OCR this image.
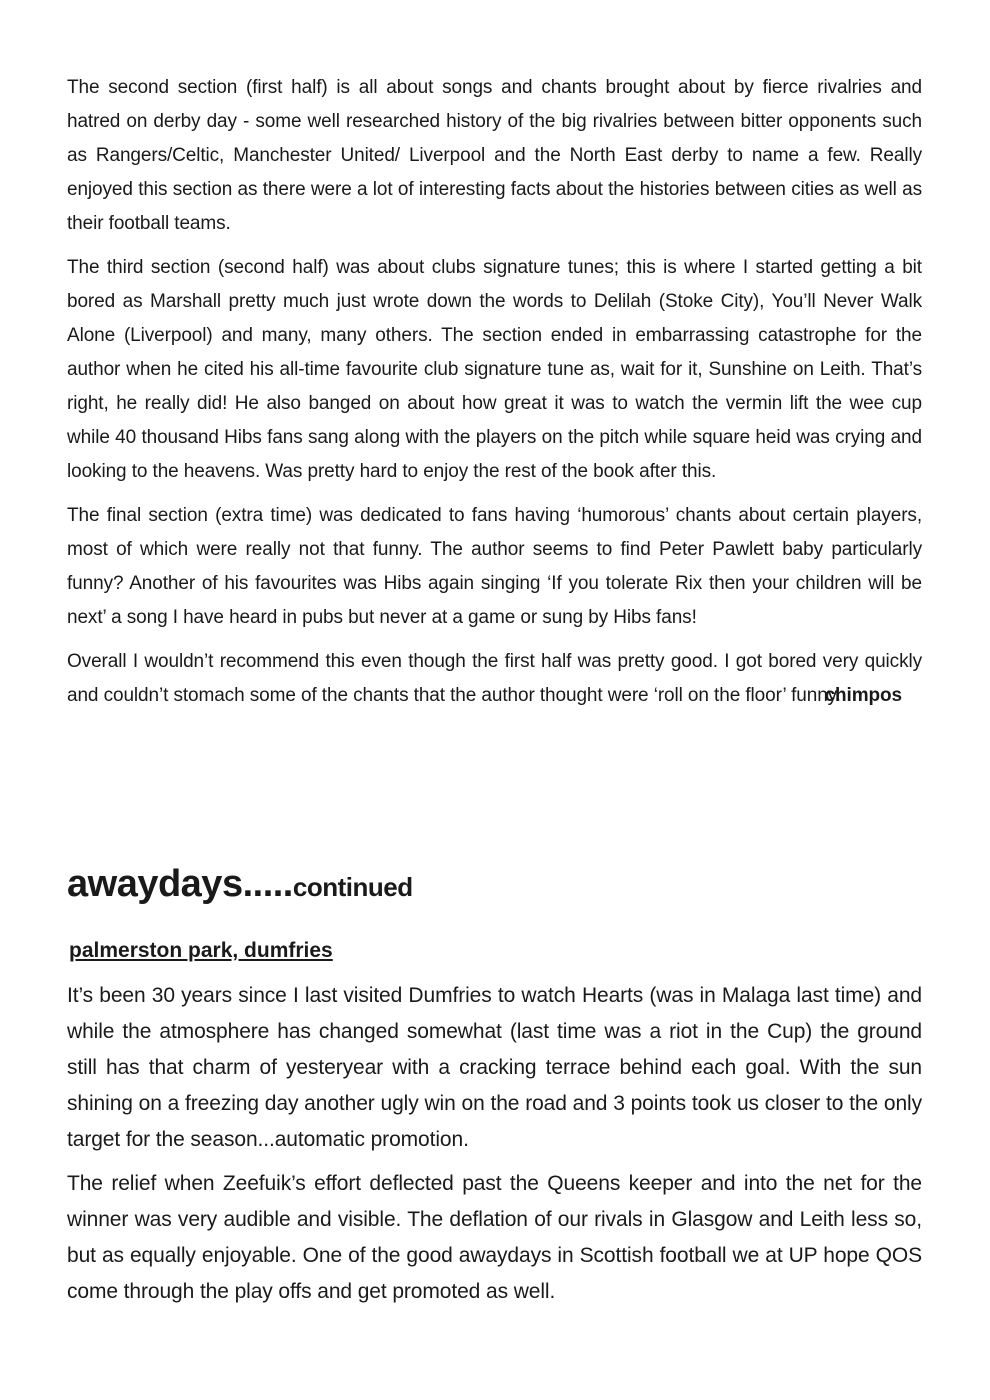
The second section (first half) is all about songs and chants brought about by fierce rivalries and hatred on derby day - some well researched history of the big rivalries between bitter opponents such as Rangers/Celtic, Manchester United/ Liverpool and the North East derby to name a few. Really enjoyed this section as there were a lot of interesting facts about the histories between cities as well as their football teams.

The third section (second half) was about clubs signature tunes; this is where I started getting a bit bored as Marshall pretty much just wrote down the words to Delilah (Stoke City), You’ll Never Walk Alone (Liverpool) and many, many others. The section ended in embarrassing catastrophe for the author when he cited his all-time favourite club signature tune as, wait for it, Sunshine on Leith. That’s right, he really did! He also banged on about how great it was to watch the vermin lift the wee cup while 40 thousand Hibs fans sang along with the players on the pitch while square heid was crying and looking to the heavens. Was pretty hard to enjoy the rest of the book after this.

The final section (extra time) was dedicated to fans having ‘humorous’ chants about certain players, most of which were really not that funny. The author seems to find Peter Pawlett baby particularly funny? Another of his favourites was Hibs again singing ‘If you tolerate Rix then your children will be next’ a song I have heard in pubs but never at a game or sung by Hibs fans!

Overall I wouldn’t recommend this even though the first half was pretty good. I got bored very quickly and couldn’t stomach some of the chants that the author thought were ‘roll on the floor’ funny.
chimpos

awaydays.....continued
palmerston park, dumfries

It’s been 30 years since I last visited Dumfries to watch Hearts (was in Malaga last time) and while the atmosphere has changed somewhat (last time was a riot in the Cup) the ground still has that charm of yesteryear with a cracking terrace behind each goal. With the sun shining on a freezing day another ugly win on the road and 3 points took us closer to the only target for the season...automatic promotion.

The relief when Zeefuik’s effort deflected past the Queens keeper and into the net for the winner was very audible and visible. The deflation of our rivals in Glasgow and Leith less so, but as equally enjoyable. One of the good awaydays in Scottish football we at UP hope QOS come through the play offs and get promoted as well.
